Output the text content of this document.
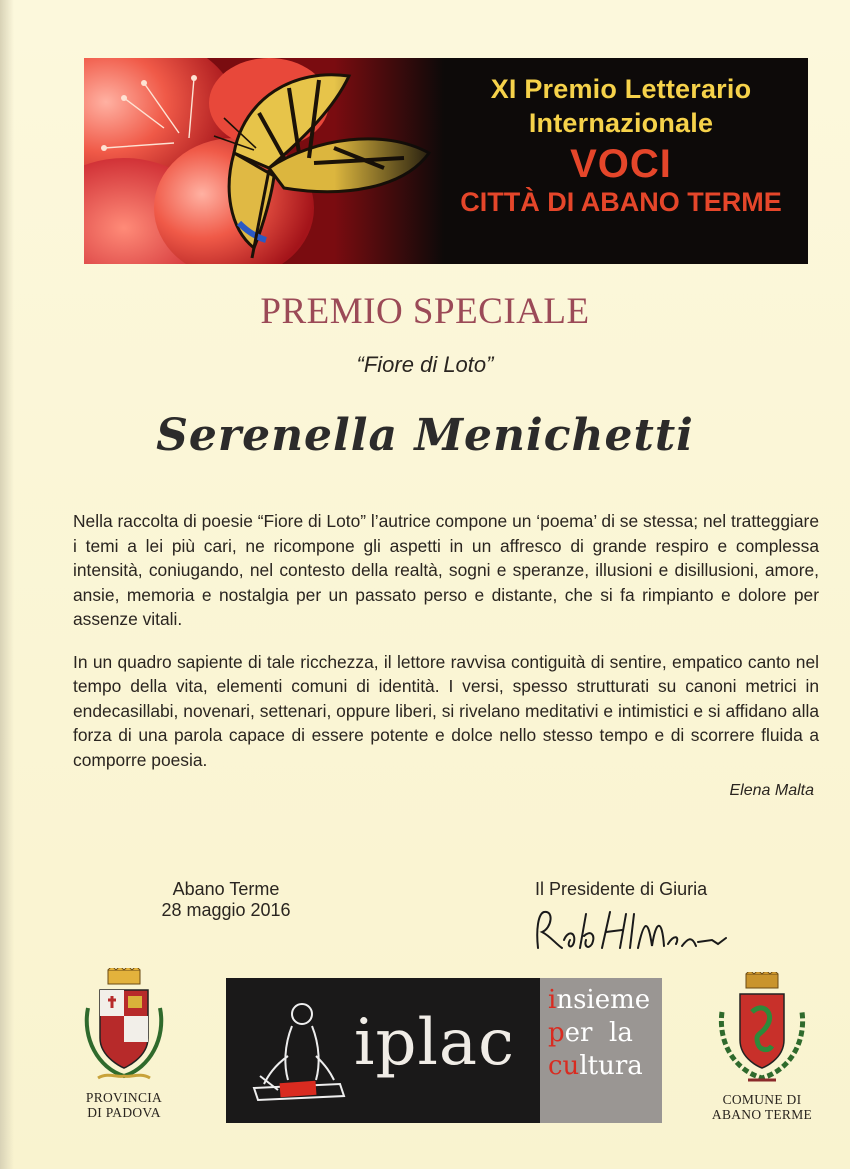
XI Premio Letterario
Internazionale
VOCI
CITTÀ DI ABANO TERME
PREMIO SPECIALE
“Fiore di Loto”
Serenella Menichetti

Nella raccolta di poesie “Fiore di Loto” l’autrice compone un ‘poema’ di se stessa; nel tratteggiare i temi a lei più cari, ne ricompone gli aspetti in un affresco di grande respiro e complessa intensità, coniugando, nel contesto della realtà, sogni e speranze, illusioni e disillusioni, amore, ansie, memoria e nostalgia per un passato perso e distante, che si fa rimpianto e dolore per assenze vitali.

In un quadro sapiente di tale ricchezza, il lettore ravvisa contiguità di sentire, empatico canto nel tempo della vita, elementi comuni di identità. I versi, spesso strutturati su canoni metrici in endecasillabi, novenari, settenari, oppure liberi, si rivelano meditativi e intimistici e si affidano alla forza di una parola capace di essere potente e dolce nello stesso tempo e di scorrere fluida a comporre poesia.

Elena Malta
Abano Terme
28 maggio 2016
Il Presidente di Giuria
PROVINCIA
DI PADOVA
iplac
insieme
per  la
cultura
COMUNE DI
ABANO TERME
